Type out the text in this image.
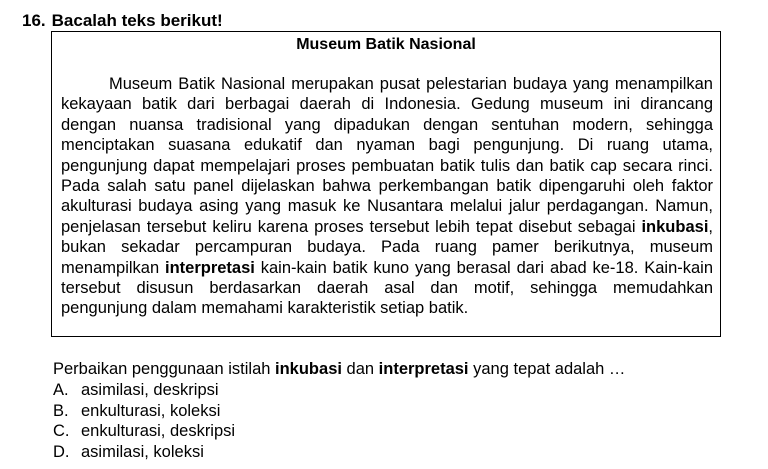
16. Bacalah teks berikut!
Museum Batik Nasional

Museum Batik Nasional merupakan pusat pelestarian budaya yang menampilkan kekayaan batik dari berbagai daerah di Indonesia. Gedung museum ini dirancang dengan nuansa tradisional yang dipadukan dengan sentuhan modern, sehingga menciptakan suasana edukatif dan nyaman bagi pengunjung. Di ruang utama, pengunjung dapat mempelajari proses pembuatan batik tulis dan batik cap secara rinci. Pada salah satu panel dijelaskan bahwa perkembangan batik dipengaruhi oleh faktor akulturasi budaya asing yang masuk ke Nusantara melalui jalur perdagangan. Namun, penjelasan tersebut keliru karena proses tersebut lebih tepat disebut sebagai inkubasi, bukan sekadar percampuran budaya. Pada ruang pamer berikutnya, museum menampilkan interpretasi kain-kain batik kuno yang berasal dari abad ke-18. Kain-kain tersebut disusun berdasarkan daerah asal dan motif, sehingga memudahkan pengunjung dalam memahami karakteristik setiap batik.

Perbaikan penggunaan istilah inkubasi dan interpretasi yang tepat adalah …
A. asimilasi, deskripsi
B. enkulturasi, koleksi
C. enkulturasi, deskripsi
D. asimilasi, koleksi
